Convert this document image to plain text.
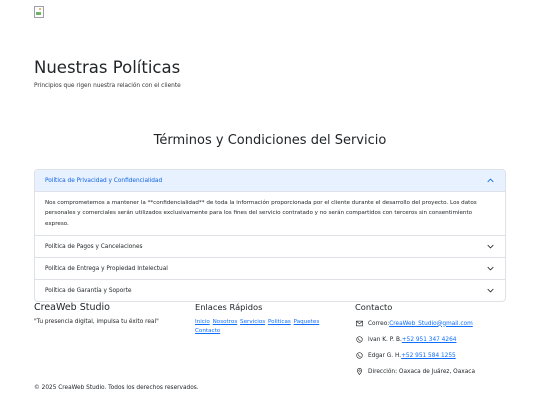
Nuestras Políticas
Principios que rigen nuestra relación con el cliente
Términos y Condiciones del Servicio
Política de Privacidad y Confidencialidad
Nos comprometemos a mantener la **confidencialidad** de toda la información proporcionada por el cliente durante el desarrollo del proyecto. Los datos personales y comerciales serán utilizados exclusivamente para los fines del servicio contratado y no serán compartidos con terceros sin consentimiento expreso.
Política de Pagos y Cancelaciones
Política de Entrega y Propiedad Intelectual
Política de Garantía y Soporte
CreaWeb Studio
"Tu presencia digital, impulsa tu éxito real"
Enlaces Rápidos
Inicio Nosotros Servicios Politicas Paquetes Contacto
Contacto
Correo: CreaWeb_Studio@gmail.com
Ivan K. P. B. +52 951 347 4264
Edgar G. H. +52 951 584 1255
Dirección: Oaxaca de Juárez, Oaxaca
© 2025 CreaWeb Studio. Todos los derechos reservados.
